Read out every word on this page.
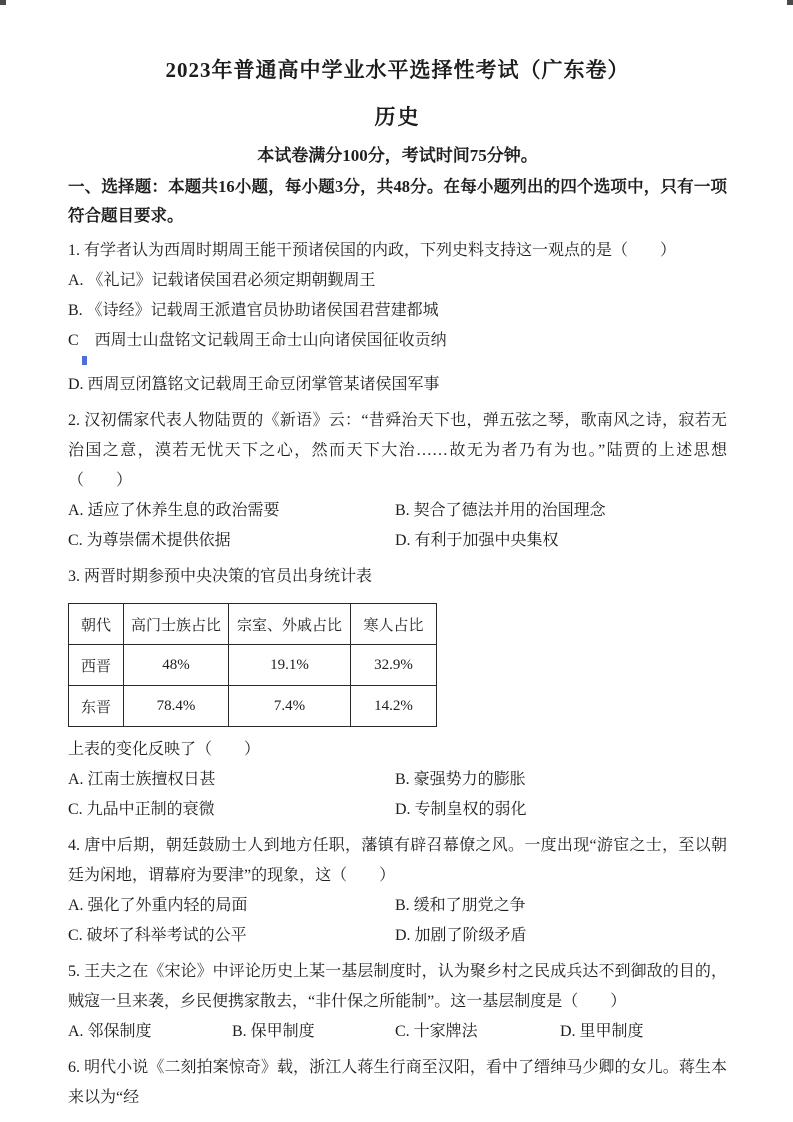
2023年普通高中学业水平选择性考试（广东卷）
历史
本试卷满分100分，考试时间75分钟。
一、选择题：本题共16小题，每小题3分，共48分。在每小题列出的四个选项中，只有一项符合题目要求。
1. 有学者认为西周时期周王能干预诸侯国的内政，下列史料支持这一观点的是（　　）
A. 《礼记》记载诸侯国君必须定期朝觐周王
B. 《诗经》记载周王派遣官员协助诸侯国君营建都城
C　西周士山盘铭文记载周王命士山向诸侯国征收贡纳
D. 西周豆闭簋铭文记载周王命豆闭掌管某诸侯国军事
2. 汉初儒家代表人物陆贾的《新语》云：“昔舜治天下也，弹五弦之琴，歌南风之诗，寂若无治国之意，漠若无忧天下之心，然而天下大治……故无为者乃有为也。”陆贾的上述思想（　　）
A. 适应了休养生息的政治需要	B. 契合了德法并用的治国理念
C. 为尊崇儒术提供依据	D. 有利于加强中央集权
3. 两晋时期参预中央决策的官员出身统计表
朝代	高门士族占比	宗室、外戚占比	寒人占比
西晋	48%	19.1%	32.9%
东晋	78.4%	7.4%	14.2%
上表的变化反映了（　　）
A. 江南士族擅权日甚	B. 豪强势力的膨胀
C. 九品中正制的衰微	D. 专制皇权的弱化
4. 唐中后期，朝廷鼓励士人到地方任职，藩镇有辟召幕僚之风。一度出现“游宦之士，至以朝廷为闲地，谓幕府为要津”的现象，这（　　）
A. 强化了外重内轻的局面	B. 缓和了朋党之争
C. 破坏了科举考试的公平	D. 加剧了阶级矛盾
5. 王夫之在《宋论》中评论历史上某一基层制度时，认为聚乡村之民成兵达不到御敌的目的，贼寇一旦来袭，乡民便携家散去，“非什保之所能制”。这一基层制度是（　　）
A. 邻保制度	B. 保甲制度	C. 十家牌法	D. 里甲制度
6. 明代小说《二刻拍案惊奇》载，浙江人蒋生行商至汉阳，看中了缙绅马少卿的女儿。蒋生本来以为“经
